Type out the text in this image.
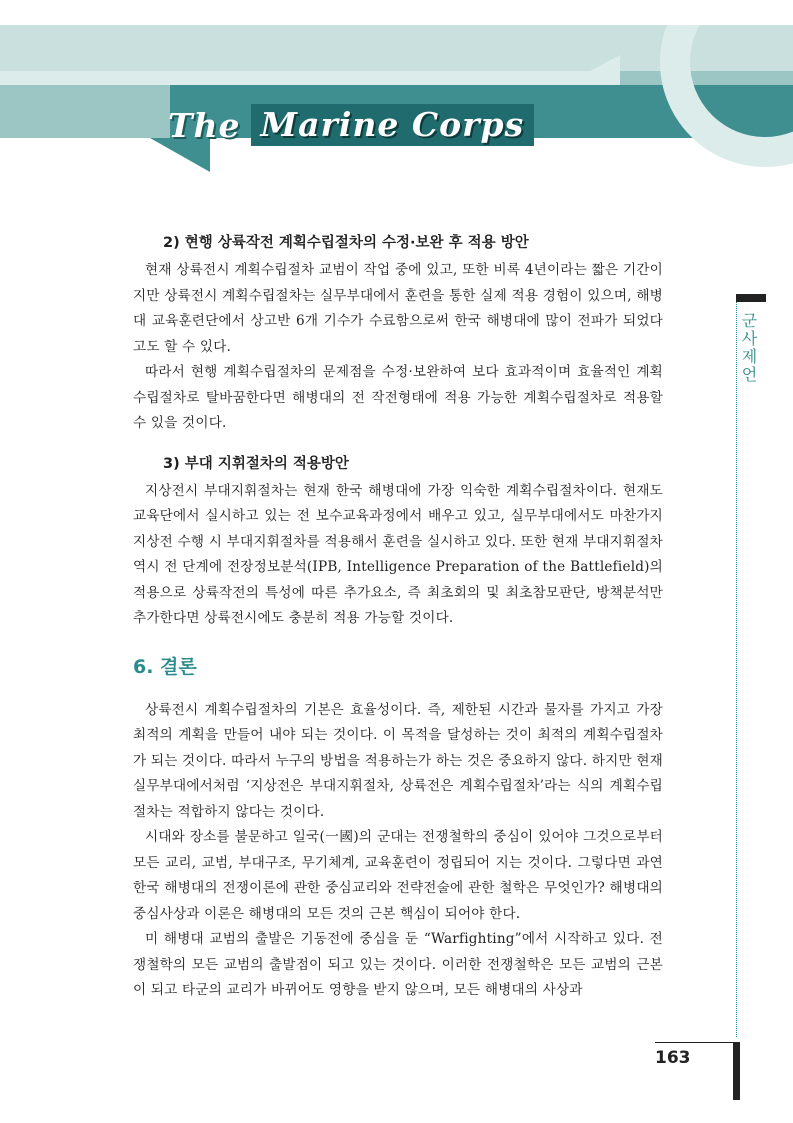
The Marine Corps
군사제언
2) 현행 상륙작전 계획수립절차의 수정·보완 후 적용 방안

현재 상륙전시 계획수립절차 교범이 작업 중에 있고, 또한 비록 4년이라는 짧은 기간이지만 상륙전시 계획수립절차는 실무부대에서 훈련을 통한 실제 적용 경험이 있으며, 해병대 교육훈련단에서 상고반 6개 기수가 수료함으로써 한국 해병대에 많이 전파가 되었다고도 할 수 있다.

따라서 현행 계획수립절차의 문제점을 수정·보완하여 보다 효과적이며 효율적인 계획수립절차로 탈바꿈한다면 해병대의 전 작전형태에 적용 가능한 계획수립절차로 적용할 수 있을 것이다.

3) 부대 지휘절차의 적용방안

지상전시 부대지휘절차는 현재 한국 해병대에 가장 익숙한 계획수립절차이다. 현재도 교육단에서 실시하고 있는 전 보수교육과정에서 배우고 있고, 실무부대에서도 마찬가지 지상전 수행 시 부대지휘절차를 적용해서 훈련을 실시하고 있다. 또한 현재 부대지휘절차 역시 전 단계에 전장정보분석(IPB, Intelligence Preparation of the Battlefield)의 적용으로 상륙작전의 특성에 따른 추가요소, 즉 최초회의 및 최초참모판단, 방책분석만 추가한다면 상륙전시에도 충분히 적용 가능할 것이다.

6. 결론

상륙전시 계획수립절차의 기본은 효율성이다. 즉, 제한된 시간과 물자를 가지고 가장 최적의 계획을 만들어 내야 되는 것이다. 이 목적을 달성하는 것이 최적의 계획수립절차가 되는 것이다. 따라서 누구의 방법을 적용하는가 하는 것은 중요하지 않다. 하지만 현재 실무부대에서처럼 ‘지상전은 부대지휘절차, 상륙전은 계획수립절차’라는 식의 계획수립절차는 적합하지 않다는 것이다.

시대와 장소를 불문하고 일국(一國)의 군대는 전쟁철학의 중심이 있어야 그것으로부터 모든 교리, 교범, 부대구조, 무기체계, 교육훈련이 정립되어 지는 것이다. 그렇다면 과연 한국 해병대의 전쟁이론에 관한 중심교리와 전략전술에 관한 철학은 무엇인가? 해병대의 중심사상과 이론은 해병대의 모든 것의 근본 핵심이 되어야 한다.

미 해병대 교범의 출발은 기동전에 중심을 둔 “Warfighting”에서 시작하고 있다. 전쟁철학의 모든 교범의 출발점이 되고 있는 것이다. 이러한 전쟁철학은 모든 교범의 근본이 되고 타군의 교리가 바뀌어도 영향을 받지 않으며, 모든 해병대의 사상과

163
